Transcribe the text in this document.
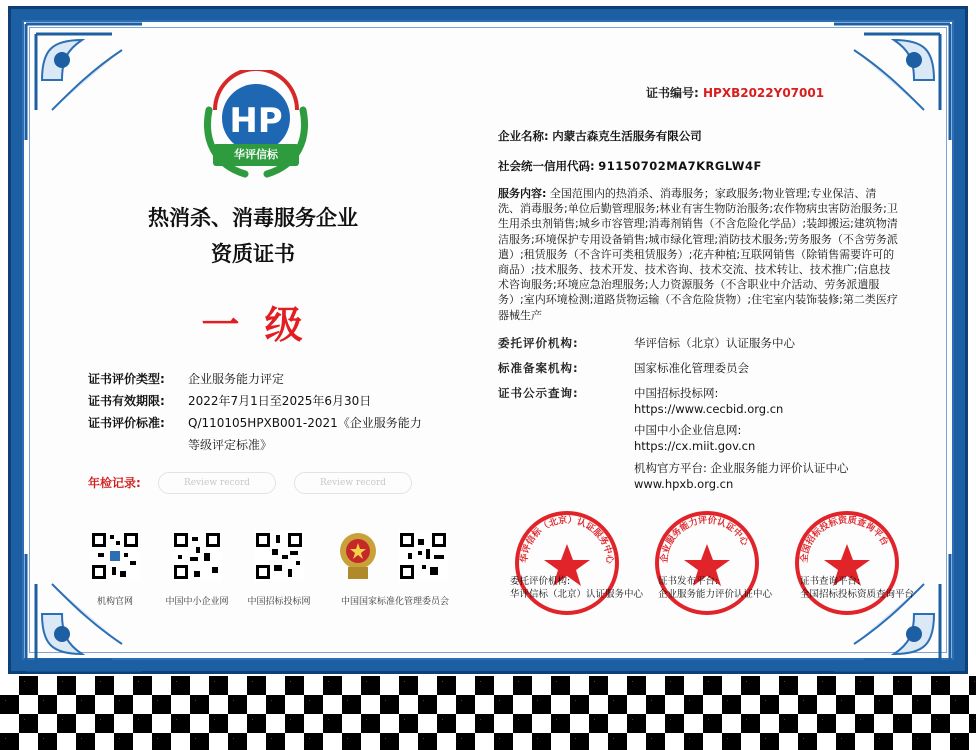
HP
华评信标
热消杀、消毒服务企业
资质证书
一 级
证书评价类型: 企业服务能力评定
证书有效期限: 2022年7月1日至2025年6月30日
证书评价标准: Q/110105HPXB001-2021《企业服务能力等级评定标准》
年检记录:	Review record	Review record
机构官网	中国中小企业网	中国招标投标网	中国国家标准化管理委员会
证书编号: HPXB2022Y07001
企业名称: 内蒙古森克生活服务有限公司
社会统一信用代码: 91150702MA7KRGLW4F
服务内容: 全国范围内的热消杀、消毒服务；家政服务;物业管理;专业保洁、清洗、消毒服务;单位后勤管理服务;林业有害生物防治服务;农作物病虫害防治服务;卫生用杀虫剂销售;城乡市容管理;消毒剂销售（不含危险化学品）;装卸搬运;建筑物清洁服务;环境保护专用设备销售;城市绿化管理;消防技术服务;劳务服务（不含劳务派遣）;租赁服务（不含许可类租赁服务）;花卉种植;互联网销售（除销售需要许可的商品）;技术服务、技术开发、技术咨询、技术交流、技术转让、技术推广;信息技术咨询服务;环境应急治理服务;人力资源服务（不含职业中介活动、劳务派遣服务）;室内环境检测;道路货物运输（不含危险货物）;住宅室内装饰装修;第二类医疗器械生产
委托评价机构:	华评信标（北京）认证服务中心
标准备案机构:	国家标准化管理委员会
证书公示查询:	中国招标投标网:
https://www.cecbid.org.cn
中国中小企业信息网:
https://cx.miit.gov.cn
机构官方平台: 企业服务能力评价认证中心
www.hpxb.org.cn
华评信标（北京）认证服务中心	企业服务能力评价认证中心
全国招标投标资质查询平台
委托评价机构:
华评信标（北京）认证服务中心
证书发布平台:
企业服务能力评价认证中心
证书查询平台:
全国招标投标资质查询平台
